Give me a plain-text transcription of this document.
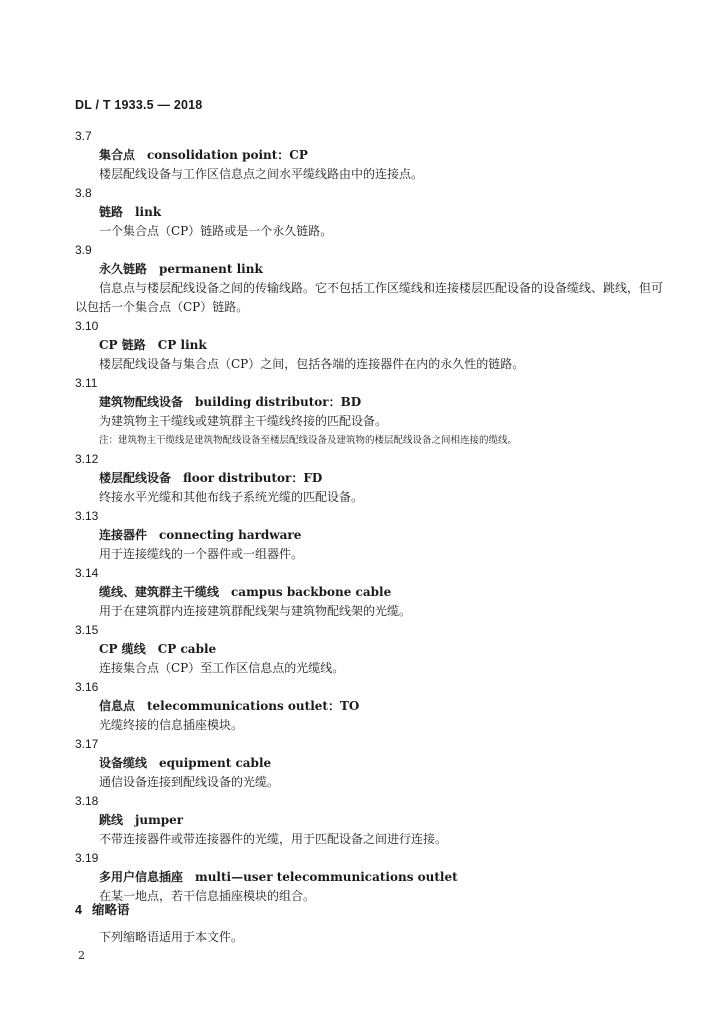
DL / T 1933.5 — 2018
3.7
集合点　consolidation point：CP
楼层配线设备与工作区信息点之间水平缆线路由中的连接点。
3.8
链路　link
一个集合点（CP）链路或是一个永久链路。
3.9
永久链路　permanent link
信息点与楼层配线设备之间的传输线路。它不包括工作区缆线和连接楼层匹配设备的设备缆线、跳线，但可以包括一个集合点（CP）链路。
3.10
CP 链路　CP link
楼层配线设备与集合点（CP）之间，包括各端的连接器件在内的永久性的链路。
3.11
建筑物配线设备　building distributor：BD
为建筑物主干缆线或建筑群主干缆线终接的匹配设备。
注：建筑物主干缆线是建筑物配线设备至楼层配线设备及建筑物的楼层配线设备之间相连接的缆线。
3.12
楼层配线设备　floor distributor：FD
终接水平光缆和其他布线子系统光缆的匹配设备。
3.13
连接器件　connecting hardware
用于连接缆线的一个器件或一组器件。
3.14
缆线、建筑群主干缆线　campus backbone cable
用于在建筑群内连接建筑群配线架与建筑物配线架的光缆。
3.15
CP 缆线　CP cable
连接集合点（CP）至工作区信息点的光缆线。
3.16
信息点　telecommunications outlet：TO
光缆终接的信息插座模块。
3.17
设备缆线　equipment cable
通信设备连接到配线设备的光缆。
3.18
跳线　jumper
不带连接器件或带连接器件的光缆，用于匹配设备之间进行连接。
3.19
多用户信息插座　multi—user telecommunications outlet
在某一地点，若干信息插座模块的组合。
4 缩略语
下列缩略语适用于本文件。
2
